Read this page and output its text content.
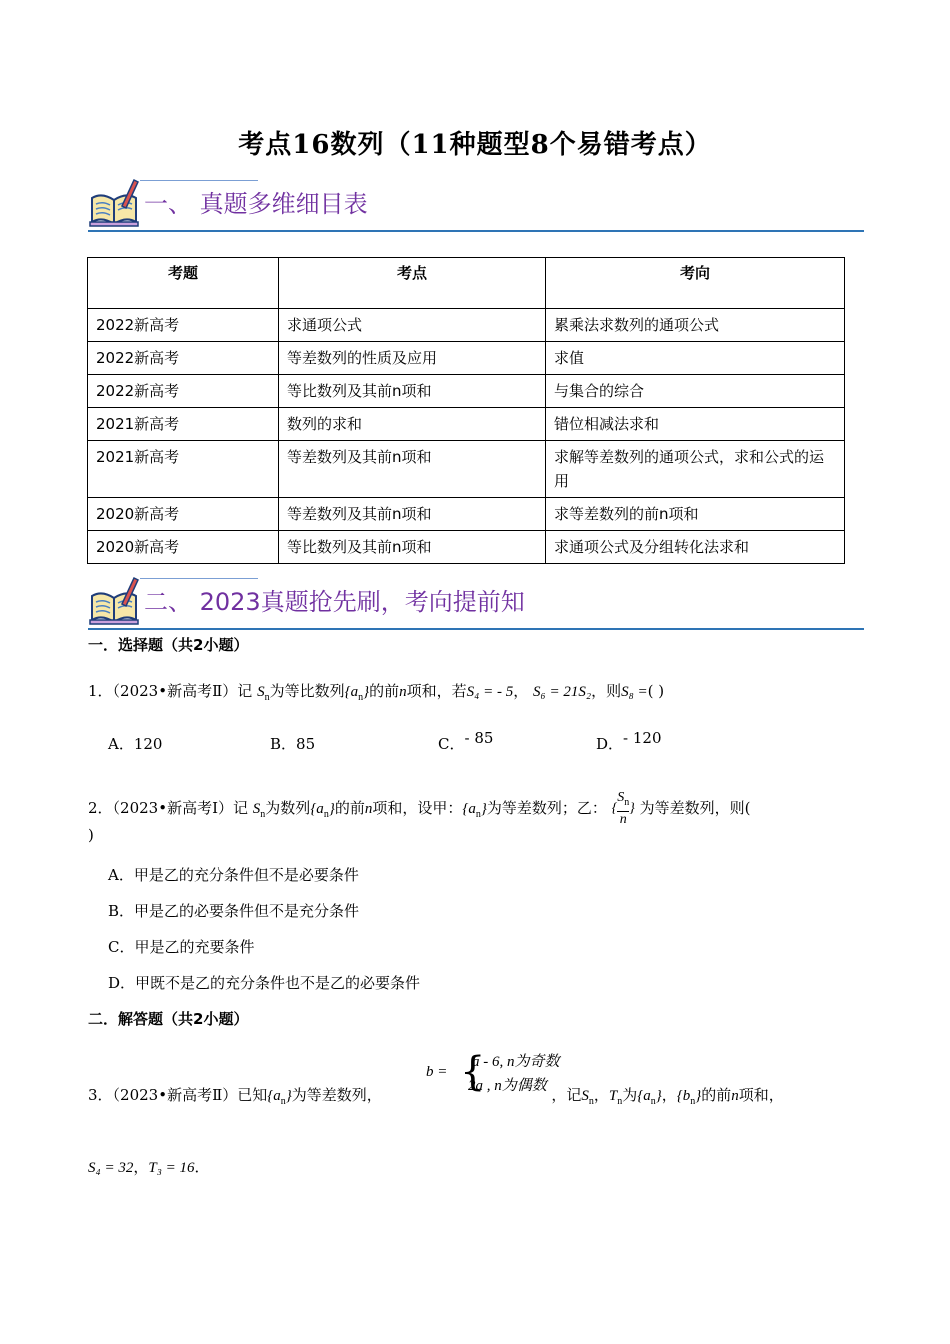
考点16数列（11种题型8个易错考点）
一、 真题多维细目表
考题	考点	考向
2022新高考	求通项公式	累乘法求数列的通项公式
2022新高考	等差数列的性质及应用	求值
2022新高考	等比数列及其前n项和	与集合的综合
2021新高考	数列的求和	错位相减法求和
2021新高考	等差数列及其前n项和	求解等差数列的通项公式，求和公式的运用
2020新高考	等差数列及其前n项和	求等差数列的前n项和
2020新高考	等比数列及其前n项和	求通项公式及分组转化法求和
二、 2023真题抢先刷，考向提前知
一．选择题（共2小题）
1．（2023•新高考Ⅱ）记 $S_n$为等比数列$\{a_n\}$的前n项和，若S₄ = - 5， S₆ = 21S₂，则S₈ =( )
A．120	B．85	C．- 85	D．- 120
2．（2023•新高考Ⅰ）记 $S_n$为数列$\{a_n\}$的前n项和，设甲：$\{a_n\}$为等差数列；乙： { $\frac{S_n}{n}$ } 为等差数列，则(
)
A．甲是乙的充分条件但不是必要条件
B．甲是乙的必要条件但不是充分条件
C．甲是乙的充要条件
D．甲既不是乙的充分条件也不是乙的必要条件
二．解答题（共2小题）
b = {
a - 6, n为奇数
2a , n为偶数
3．（2023•新高考Ⅱ）已知$\{a_n\}$为等差数列，	，记$S_n$，$T_n$为$\{a_n\}$，$\{b_n\}$的前n项和，
S₄ = 32，T₃ = 16．
